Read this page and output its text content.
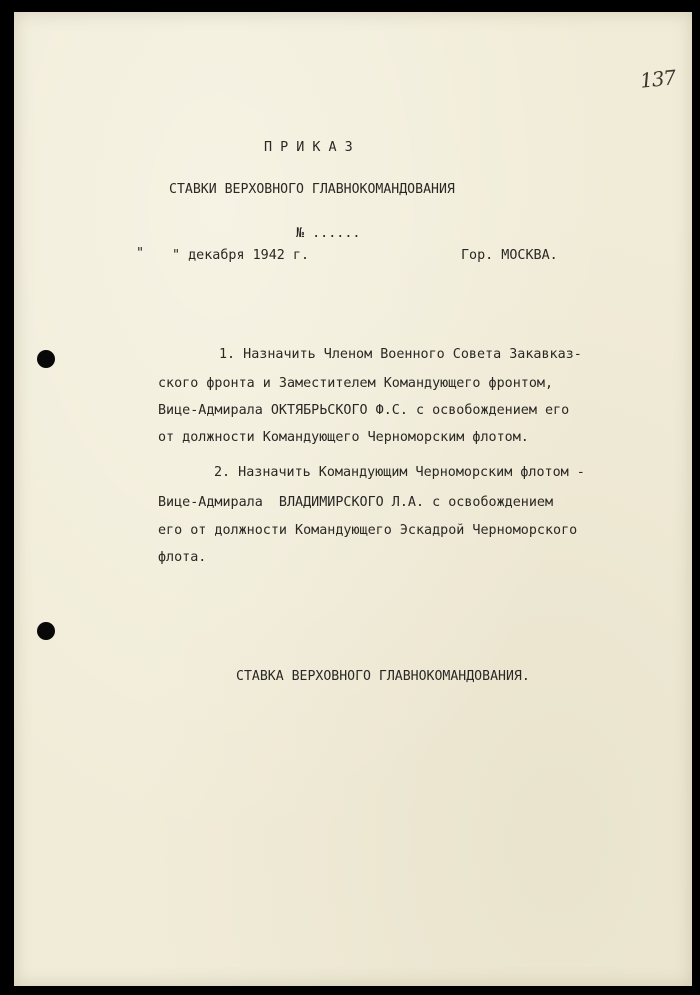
137
П Р И К А З
СТАВКИ ВЕРХОВНОГО ГЛАВНОКОМАНДОВАНИЯ
№ ......
" " декабря 1942 г.	Гор. МОСКВА.
1. Назначить Членом Военного Совета Закавказ-
ского фронта и Заместителем Командующего фронтом,
Вице-Адмирала ОКТЯБРЬСКОГО Ф.С. с освобождением его
от должности Командующего Черноморским флотом.
2. Назначить Командующим Черноморским флотом -
Вице-Адмирала  ВЛАДИМИРСКОГО Л.А. с освобождением
его от должности Командующего Эскадрой Черноморского
флота.
СТАВКА ВЕРХОВНОГО ГЛАВНОКОМАНДОВАНИЯ.
